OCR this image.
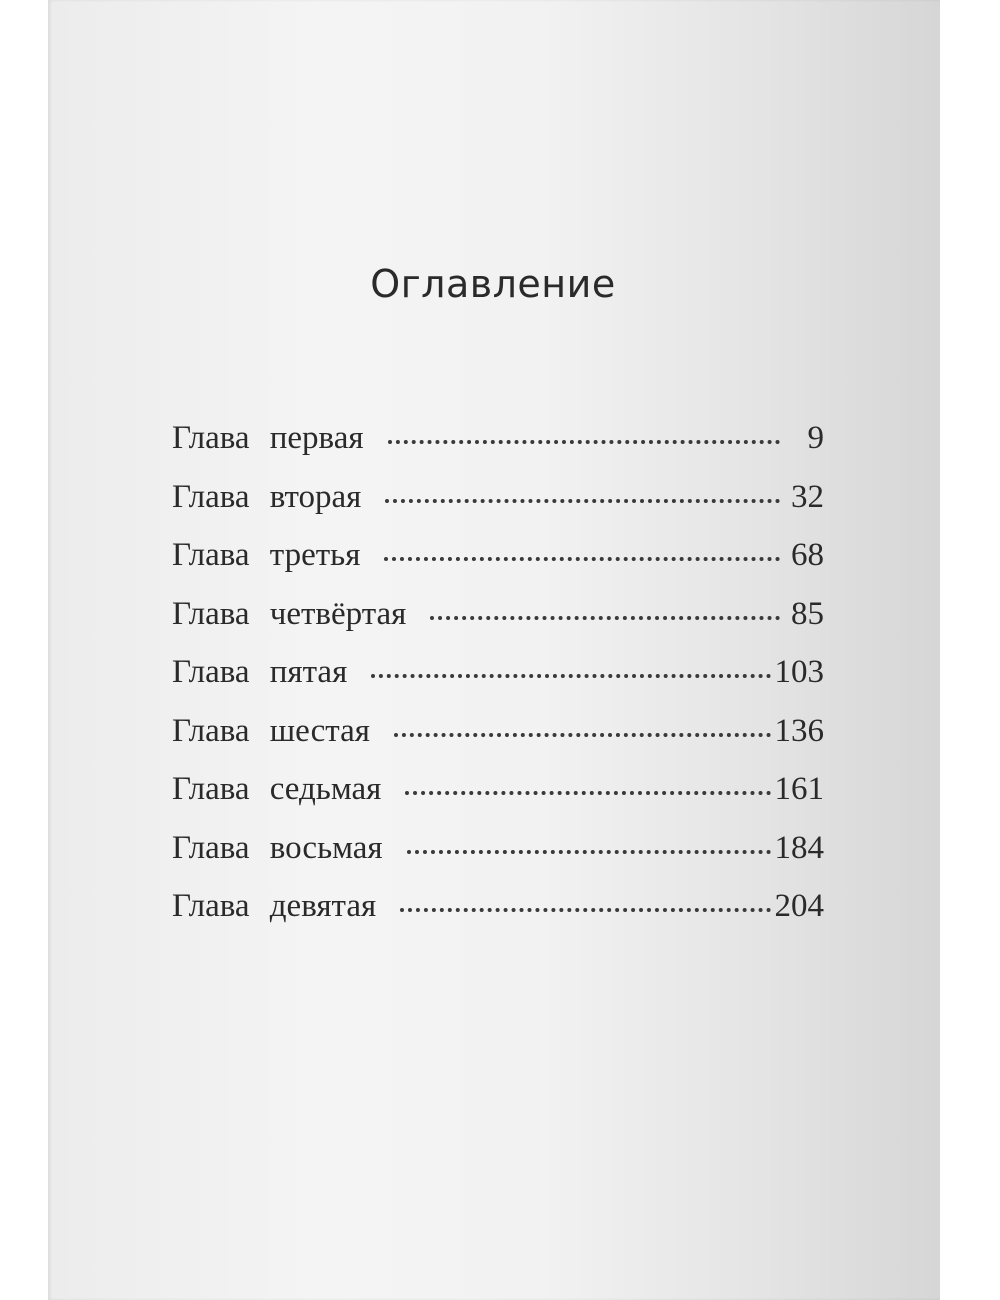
Оглавление
Глава первая	9
Глава вторая	32
Глава третья	68
Глава четвёртая	85
Глава пятая	103
Глава шестая	136
Глава седьмая	161
Глава восьмая	184
Глава девятая	204
